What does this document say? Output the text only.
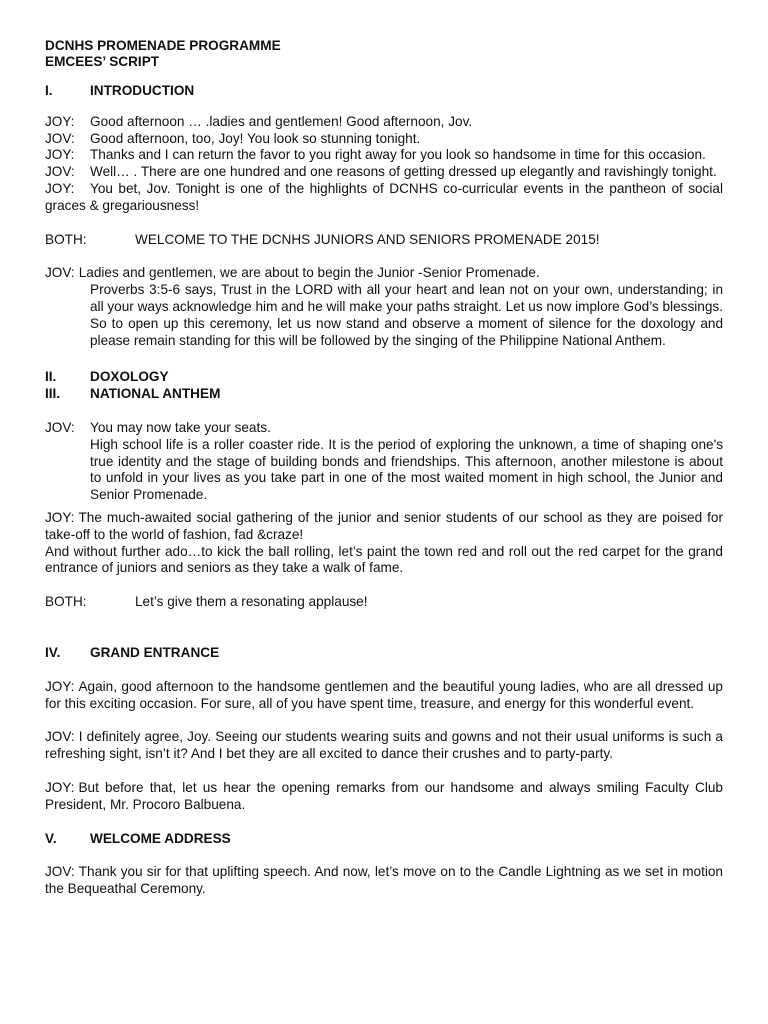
DCNHS PROMENADE PROGRAMME
EMCEES’ SCRIPT
I.	INTRODUCTION
JOY: Good afternoon … .ladies and gentlemen! Good afternoon, Jov.
JOV: Good afternoon, too, Joy! You look so stunning tonight.
JOY: Thanks and I can return the favor to you right away for you look so handsome in time for this occasion.
JOV: Well… . There are one hundred and one reasons of getting dressed up elegantly and ravishingly tonight.
JOY: You bet, Jov. Tonight is one of the highlights of DCNHS co-curricular events in the pantheon of social graces & gregariousness!
BOTH:	WELCOME TO THE DCNHS JUNIORS AND SENIORS PROMENADE 2015!
JOV: Ladies and gentlemen, we are about to begin the Junior -Senior Promenade.
Proverbs 3:5-6 says, Trust in the LORD with all your heart and lean not on your own, understanding; in all your ways acknowledge him and he will make your paths straight. Let us now implore God’s blessings. So to open up this ceremony, let us now stand and observe a moment of silence for the doxology and please remain standing for this will be followed by the singing of the Philippine National Anthem.
II.	DOXOLOGY
III.	NATIONAL ANTHEM
JOV: You may now take your seats.
High school life is a roller coaster ride. It is the period of exploring the unknown, a time of shaping one's true identity and the stage of building bonds and friendships. This afternoon, another milestone is about to unfold in your lives as you take part in one of the most waited moment in high school, the Junior and Senior Promenade.
JOY: The much-awaited social gathering of the junior and senior students of our school as they are poised for take-off to the world of fashion, fad &craze!
And without further ado…to kick the ball rolling, let’s paint the town red and roll out the red carpet for the grand entrance of juniors and seniors as they take a walk of fame.
BOTH:	Let’s give them a resonating applause!
IV.	GRAND ENTRANCE
JOY: Again, good afternoon to the handsome gentlemen and the beautiful young ladies, who are all dressed up for this exciting occasion. For sure, all of you have spent time, treasure, and energy for this wonderful event.
JOV: I definitely agree, Joy. Seeing our students wearing suits and gowns and not their usual uniforms is such a refreshing sight, isn’t it? And I bet they are all excited to dance their crushes and to party-party.
JOY: But before that, let us hear the opening remarks from our handsome and always smiling Faculty Club President, Mr. Procoro Balbuena.
V.	WELCOME ADDRESS
JOV: Thank you sir for that uplifting speech. And now, let’s move on to the Candle Lightning as we set in motion the Bequeathal Ceremony.
